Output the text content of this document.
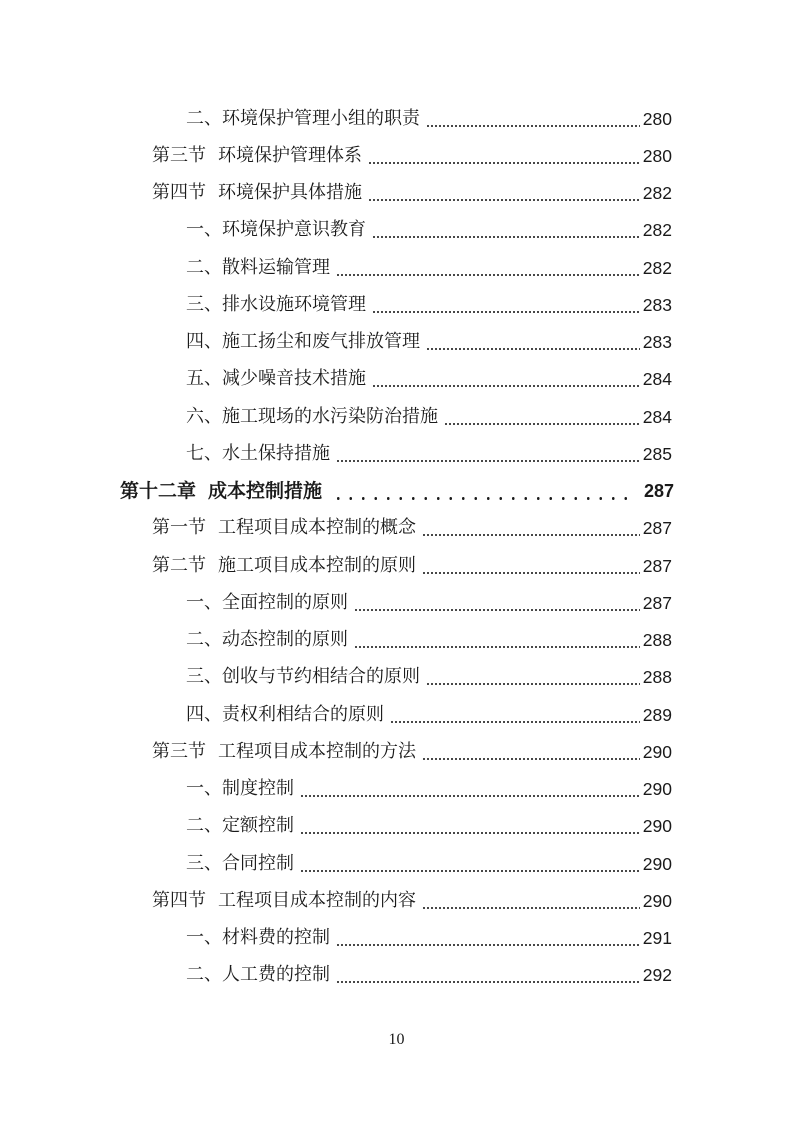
二、环境保护管理小组的职责	280
第三节 环境保护管理体系	280
第四节 环境保护具体措施	282
一、环境保护意识教育	282
二、散料运输管理	282
三、排水设施环境管理	283
四、施工扬尘和废气排放管理	283
五、减少噪音技术措施	284
六、施工现场的水污染防治措施	284
七、水土保持措施	285
第十二章 成本控制措施	287
第一节 工程项目成本控制的概念	287
第二节 施工项目成本控制的原则	287
一、全面控制的原则	287
二、动态控制的原则	288
三、创收与节约相结合的原则	288
四、责权利相结合的原则	289
第三节 工程项目成本控制的方法	290
一、制度控制	290
二、定额控制	290
三、合同控制	290
第四节 工程项目成本控制的内容	290
一、材料费的控制	291
二、人工费的控制	292
10
